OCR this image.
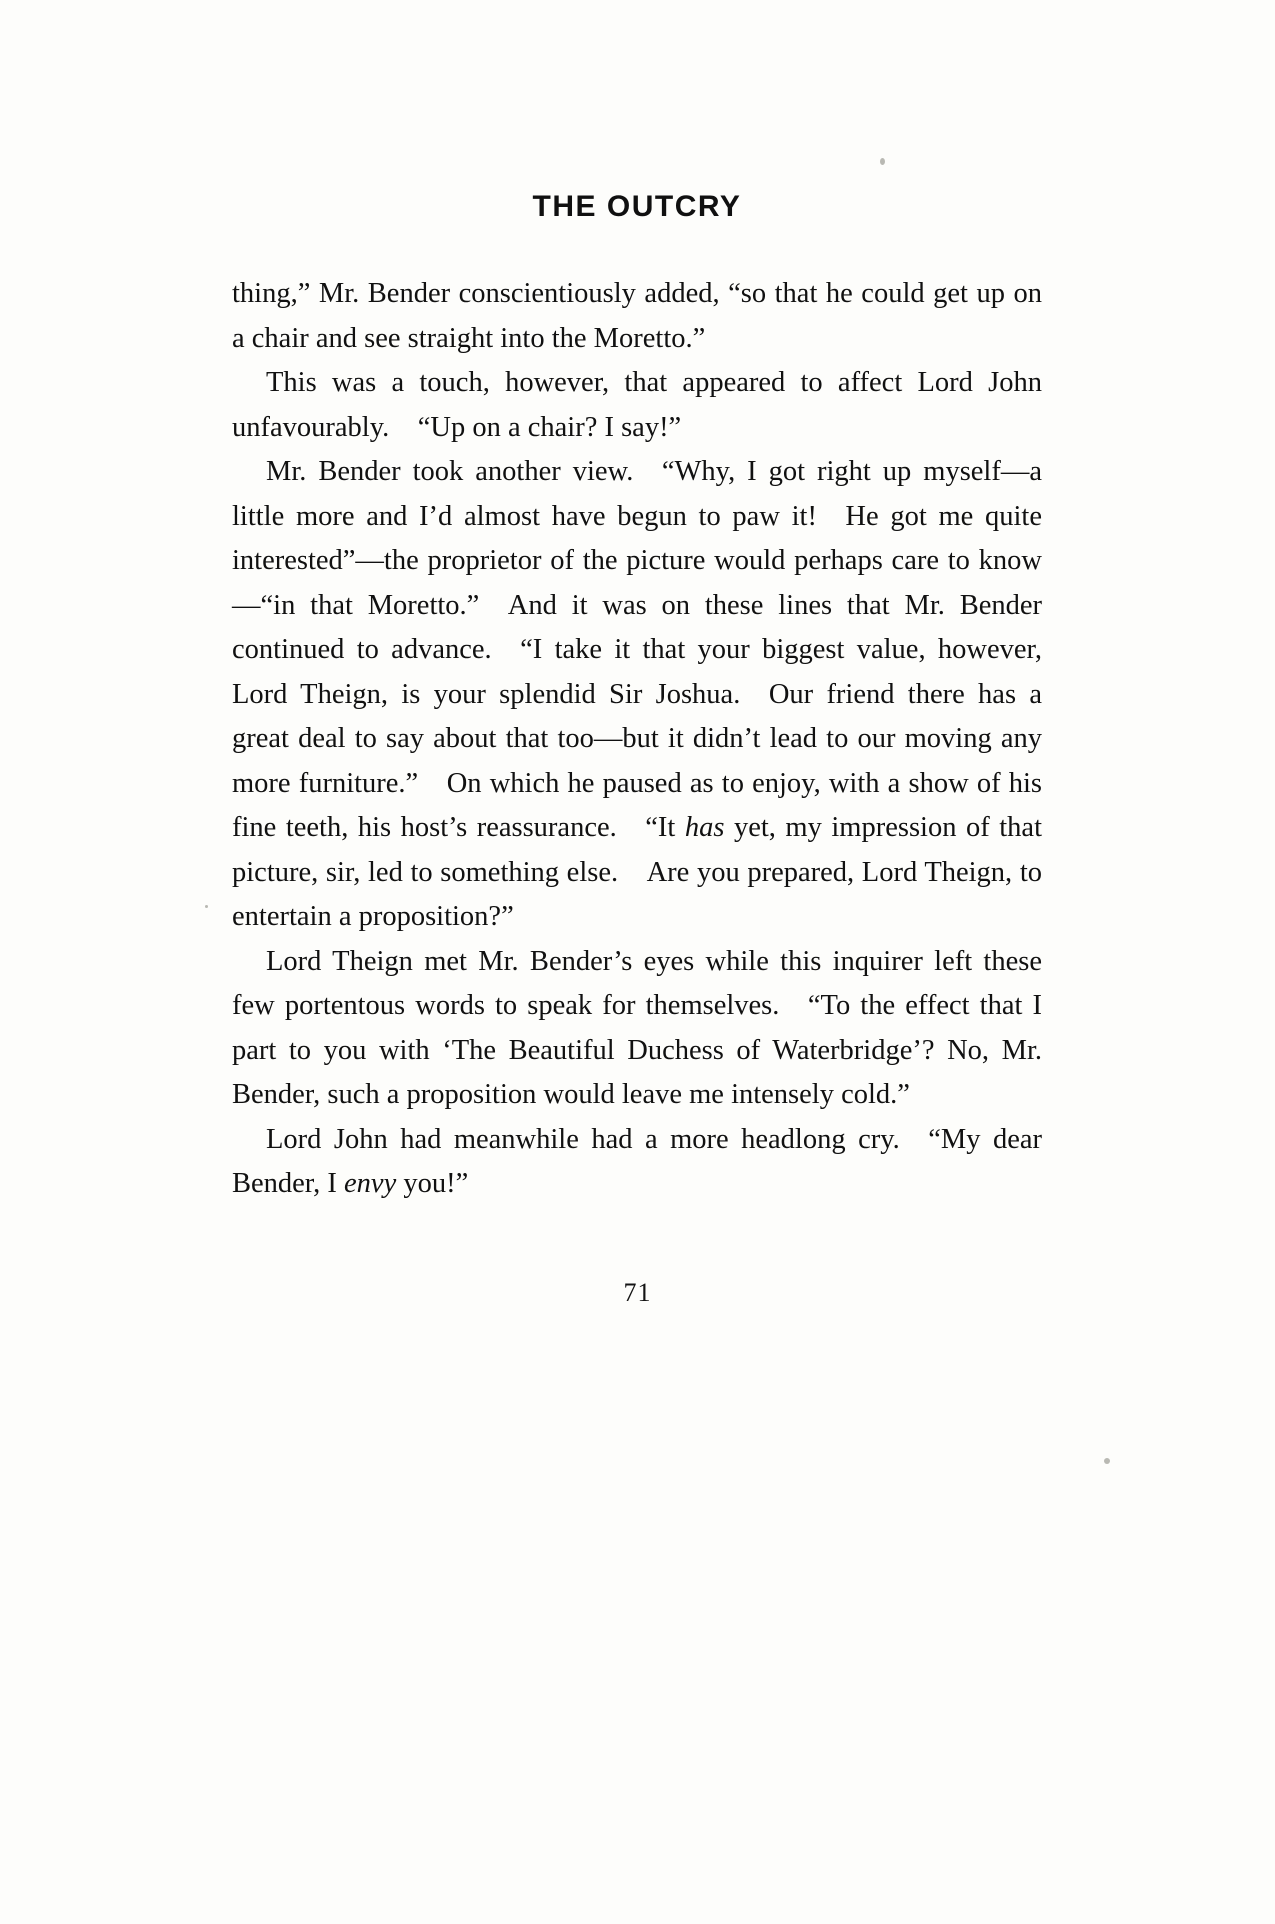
THE OUTCRY

thing,” Mr. Bender conscientiously added, “so that he could get up on a chair and see straight into the Moretto.”

This was a touch, however, that appeared to affect Lord John unfavourably. “Up on a chair? I say!”

Mr. Bender took another view. “Why, I got right up myself—a little more and I’d almost have begun to paw it! He got me quite interested”—the proprietor of the picture would perhaps care to know—“in that Moretto.” And it was on these lines that Mr. Bender continued to advance. “I take it that your biggest value, however, Lord Theign, is your splendid Sir Joshua. Our friend there has a great deal to say about that too—but it didn’t lead to our moving any more furniture.” On which he paused as to enjoy, with a show of his fine teeth, his host’s reassurance. “It has yet, my impression of that picture, sir, led to something else. Are you prepared, Lord Theign, to entertain a proposition?”

Lord Theign met Mr. Bender’s eyes while this inquirer left these few portentous words to speak for themselves. “To the effect that I part to you with ‘The Beautiful Duchess of Waterbridge’? No, Mr. Bender, such a proposition would leave me intensely cold.”

Lord John had meanwhile had a more headlong cry. “My dear Bender, I envy you!”

71
